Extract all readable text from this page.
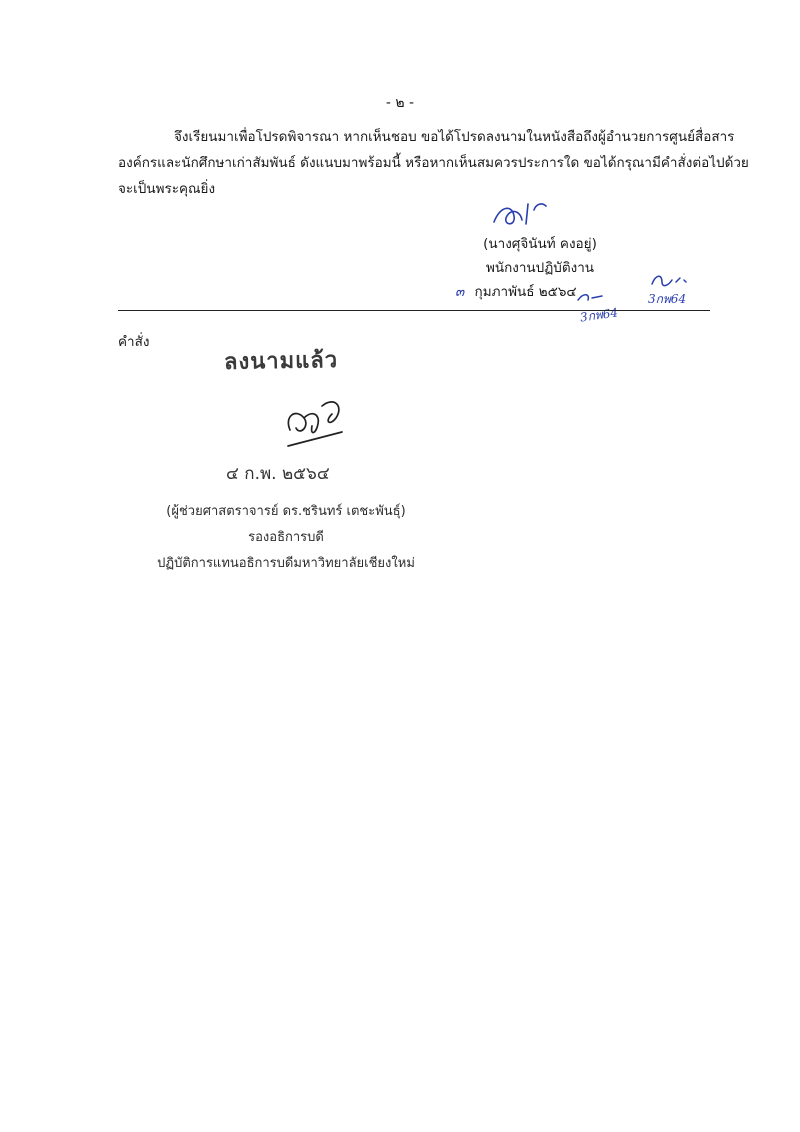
- ๒ -
จึงเรียนมาเพื่อโปรดพิจารณา หากเห็นชอบ ขอได้โปรดลงนามในหนังสือถึงผู้อำนวยการศูนย์สื่อสาร
องค์กรและนักศึกษาเก่าสัมพันธ์ ดังแนบมาพร้อมนี้ หรือหากเห็นสมควรประการใด ขอได้กรุณามีคำสั่งต่อไปด้วย
จะเป็นพระคุณยิ่ง
(นางศุจินันท์ คงอยู่)
พนักงานปฏิบัติงาน
๓ กุมภาพันธ์ ๒๕๖๔	3กพ64
3กพ64
คำสั่ง
ลงนามแล้ว
๔ ก.พ. ๒๕๖๔
(ผู้ช่วยศาสตราจารย์ ดร.ชรินทร์ เตชะพันธุ์)
รองอธิการบดี
ปฏิบัติการแทนอธิการบดีมหาวิทยาลัยเชียงใหม่
